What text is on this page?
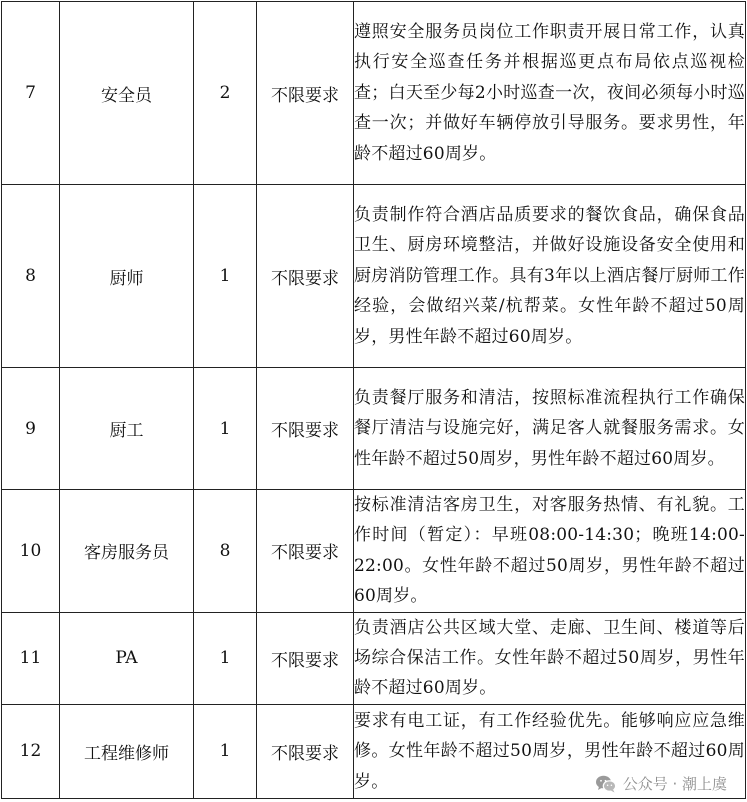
7	安全员	2	不限要求	遵照安全服务员岗位工作职责开展日常工作，认真执行安全巡查任务并根据巡更点布局依点巡视检查；白天至少每2小时巡查一次，夜间必须每小时巡查一次；并做好车辆停放引导服务。要求男性，年龄不超过60周岁。
8	厨师	1	不限要求	负责制作符合酒店品质要求的餐饮食品，确保食品卫生、厨房环境整洁，并做好设施设备安全使用和厨房消防管理工作。具有3年以上酒店餐厅厨师工作经验，会做绍兴菜/杭帮菜。女性年龄不超过50周岁，男性年龄不超过60周岁。
9	厨工	1	不限要求	负责餐厅服务和清洁，按照标准流程执行工作确保餐厅清洁与设施完好，满足客人就餐服务需求。女性年龄不超过50周岁，男性年龄不超过60周岁。
10	客房服务员	8	不限要求	按标准清洁客房卫生，对客服务热情、有礼貌。工作时间（暂定）：早班08:00-14:30；晚班14:00-22:00。女性年龄不超过50周岁，男性年龄不超过60周岁。
11	PA	1	不限要求	负责酒店公共区域大堂、走廊、卫生间、楼道等后场综合保洁工作。女性年龄不超过50周岁，男性年龄不超过60周岁。
12	工程维修师	1	不限要求	要求有电工证，有工作经验优先。能够响应应急维修。女性年龄不超过50周岁，男性年龄不超过60周岁。	公众号 · 潮上虞
